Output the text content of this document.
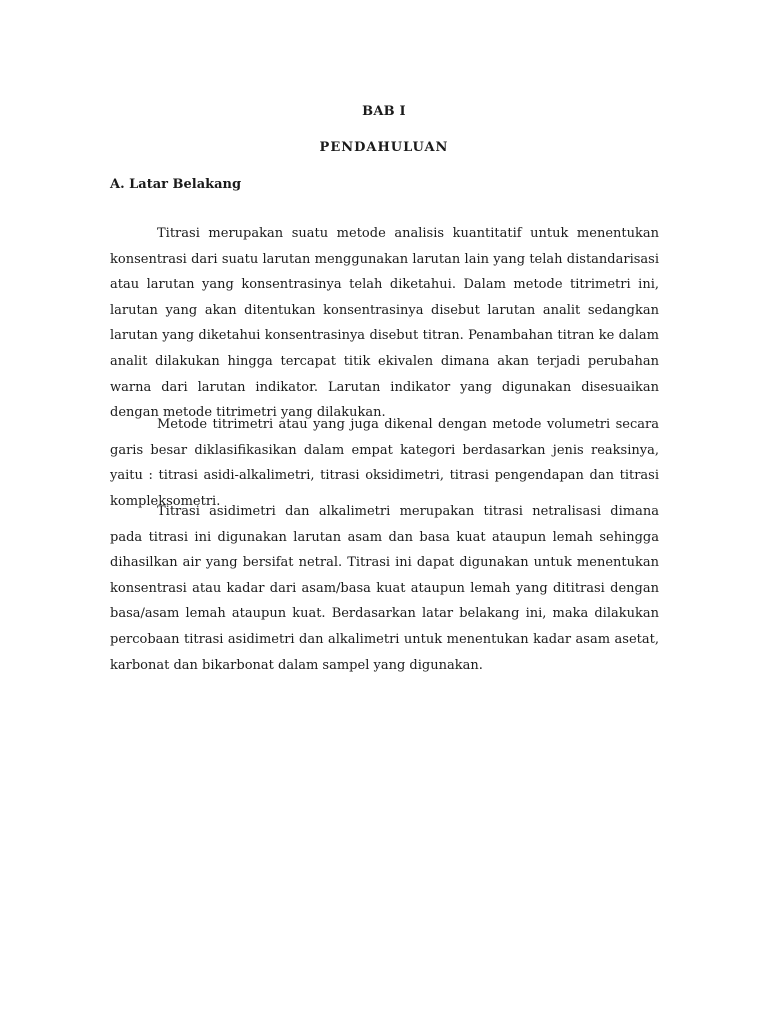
BAB I
PENDAHULUAN
A. Latar Belakang

Titrasi merupakan suatu metode analisis kuantitatif untuk menentukan konsentrasi dari suatu larutan menggunakan larutan lain yang telah distandarisasi atau larutan yang konsentrasinya telah diketahui. Dalam metode titrimetri ini, larutan yang akan ditentukan konsentrasinya disebut larutan analit sedangkan larutan yang diketahui konsentrasinya disebut titran. Penambahan titran ke dalam analit dilakukan hingga tercapat titik ekivalen dimana akan terjadi perubahan warna dari larutan indikator. Larutan indikator yang digunakan disesuaikan dengan metode titrimetri yang dilakukan.

Metode titrimetri atau yang juga dikenal dengan metode volumetri secara garis besar diklasifikasikan dalam empat kategori berdasarkan jenis reaksinya, yaitu : titrasi asidi-alkalimetri, titrasi oksidimetri, titrasi pengendapan dan titrasi kompleksometri.

Titrasi asidimetri dan alkalimetri merupakan titrasi netralisasi dimana pada titrasi ini digunakan larutan asam dan basa kuat ataupun lemah sehingga dihasilkan air yang bersifat netral. Titrasi ini dapat digunakan untuk menentukan konsentrasi atau kadar dari asam/basa kuat ataupun lemah yang dititrasi dengan basa/asam lemah ataupun kuat. Berdasarkan latar belakang ini, maka dilakukan percobaan titrasi asidimetri dan alkalimetri untuk menentukan kadar asam asetat, karbonat dan bikarbonat dalam sampel yang digunakan.
